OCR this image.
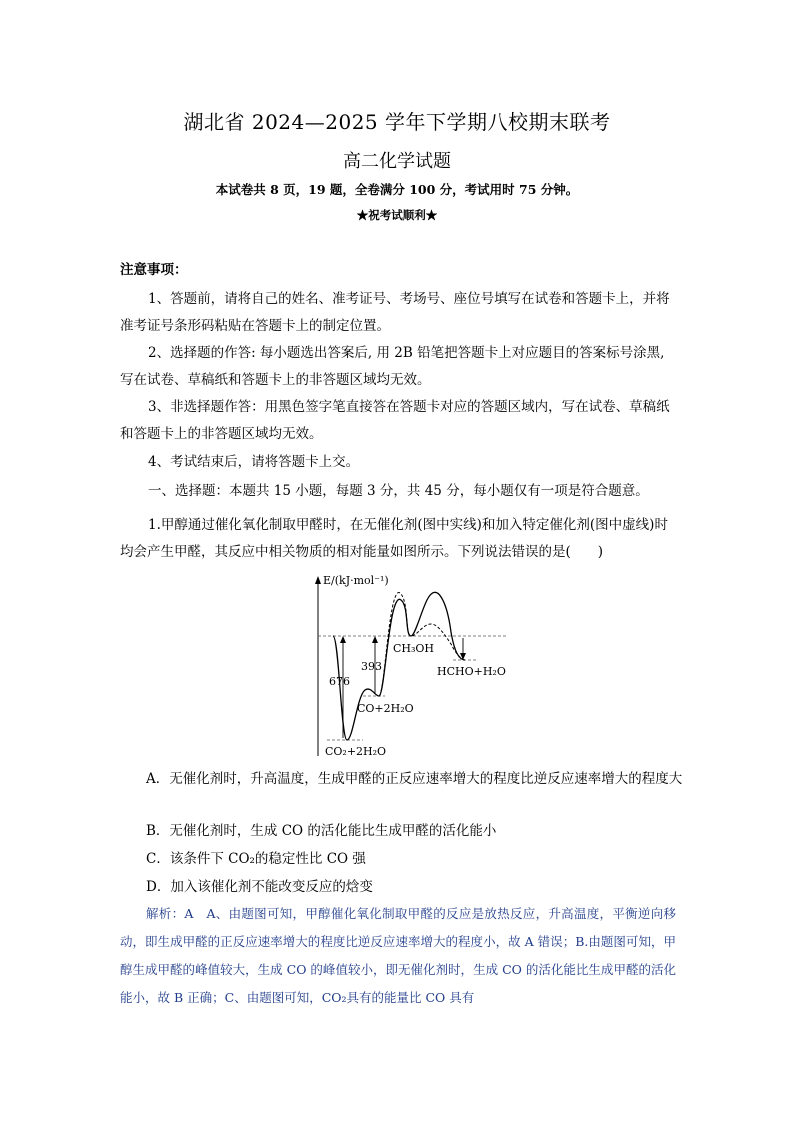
湖北省 2024—2025 学年下学期八校期末联考
高二化学试题
本试卷共 8 页，19 题，全卷满分 100 分，考试用时 75 分钟。
★祝考试顺利★
注意事项：
1、答题前，请将自己的姓名、准考证号、考场号、座位号填写在试卷和答题卡上，并将准考证号条形码粘贴在答题卡上的制定位置。
2、选择题的作答: 每小题选出答案后, 用 2B 铅笔把答题卡上对应题目的答案标号涂黑, 写在试卷、草稿纸和答题卡上的非答题区域均无效。
3、非选择题作答：用黑色签字笔直接答在答题卡对应的答题区域内，写在试卷、草稿纸和答题卡上的非答题区域均无效。
4、考试结束后，请将答题卡上交。
一、选择题：本题共 15 小题，每题 3 分，共 45 分，每小题仅有一项是符合题意。
1.甲醇通过催化氧化制取甲醛时，在无催化剂(图中实线)和加入特定催化剂(图中虚线)时均会产生甲醛，其反应中相关物质的相对能量如图所示。下列说法错误的是(　　)
E/(kJ·mol⁻¹)
676
393
CH₃OH
HCHO+H₂O
CO+2H₂O
CO₂+2H₂O
A．无催化剂时，升高温度，生成甲醛的正反应速率增大的程度比逆反应速率增大的程度大
B．无催化剂时，生成 CO 的活化能比生成甲醛的活化能小
C．该条件下 CO₂的稳定性比 CO 强
D．加入该催化剂不能改变反应的焓变
解析：A　A、由题图可知，甲醇催化氧化制取甲醛的反应是放热反应，升高温度，平衡逆向移动，即生成甲醛的正反应速率增大的程度比逆反应速率增大的程度小，故 A 错误；B.由题图可知，甲醇生成甲醛的峰值较大，生成 CO 的峰值较小，即无催化剂时，生成 CO 的活化能比生成甲醛的活化能小，故 B 正确；C、由题图可知，CO₂具有的能量比 CO 具有
